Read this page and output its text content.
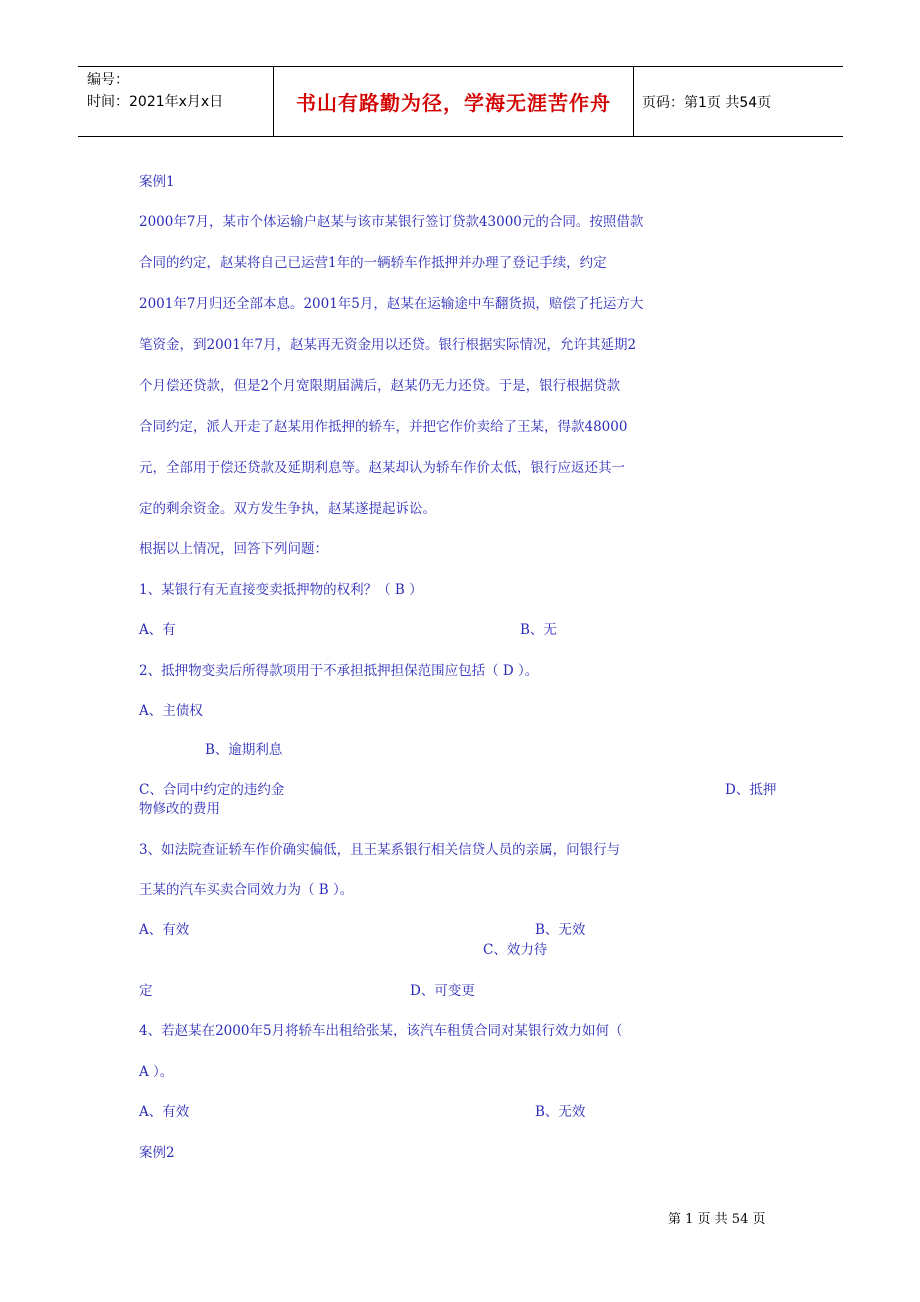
编号：
时间：2021年x月x日	书山有路勤为径，学海无涯苦作舟	页码：第1页 共54页
案例1
2000年7月，某市个体运输户赵某与该市某银行签订贷款43000元的合同。按照借款
合同的约定，赵某将自己已运营1年的一辆轿车作抵押并办理了登记手续，约定
2001年7月归还全部本息。2001年5月，赵某在运输途中车翻货损，赔偿了托运方大
笔资金，到2001年7月，赵某再无资金用以还贷。银行根据实际情况，允许其延期2
个月偿还贷款，但是2个月宽限期届满后，赵某仍无力还贷。于是，银行根据贷款
合同约定，派人开走了赵某用作抵押的轿车，并把它作价卖给了王某，得款48000
元，全部用于偿还贷款及延期利息等。赵某却认为轿车作价太低，银行应返还其一
定的剩余资金。双方发生争执，赵某遂提起诉讼。
根据以上情况，回答下列问题：
1、某银行有无直接变卖抵押物的权利？（ B ）
A、有	B、无
2、抵押物变卖后所得款项用于不承担抵押担保范围应包括（ D ）。
A、主债权
B、逾期利息
C、合同中约定的违约金	D、抵押
物修改的费用
3、如法院查证轿车作价确实偏低，且王某系银行相关信贷人员的亲属，问银行与
王某的汽车买卖合同效力为（ B ）。
A、有效	B、无效
C、效力待
定	D、可变更
4、若赵某在2000年5月将轿车出租给张某，该汽车租赁合同对某银行效力如何（
A ）。
A、有效	B、无效
案例2
第 1 页 共 54 页
